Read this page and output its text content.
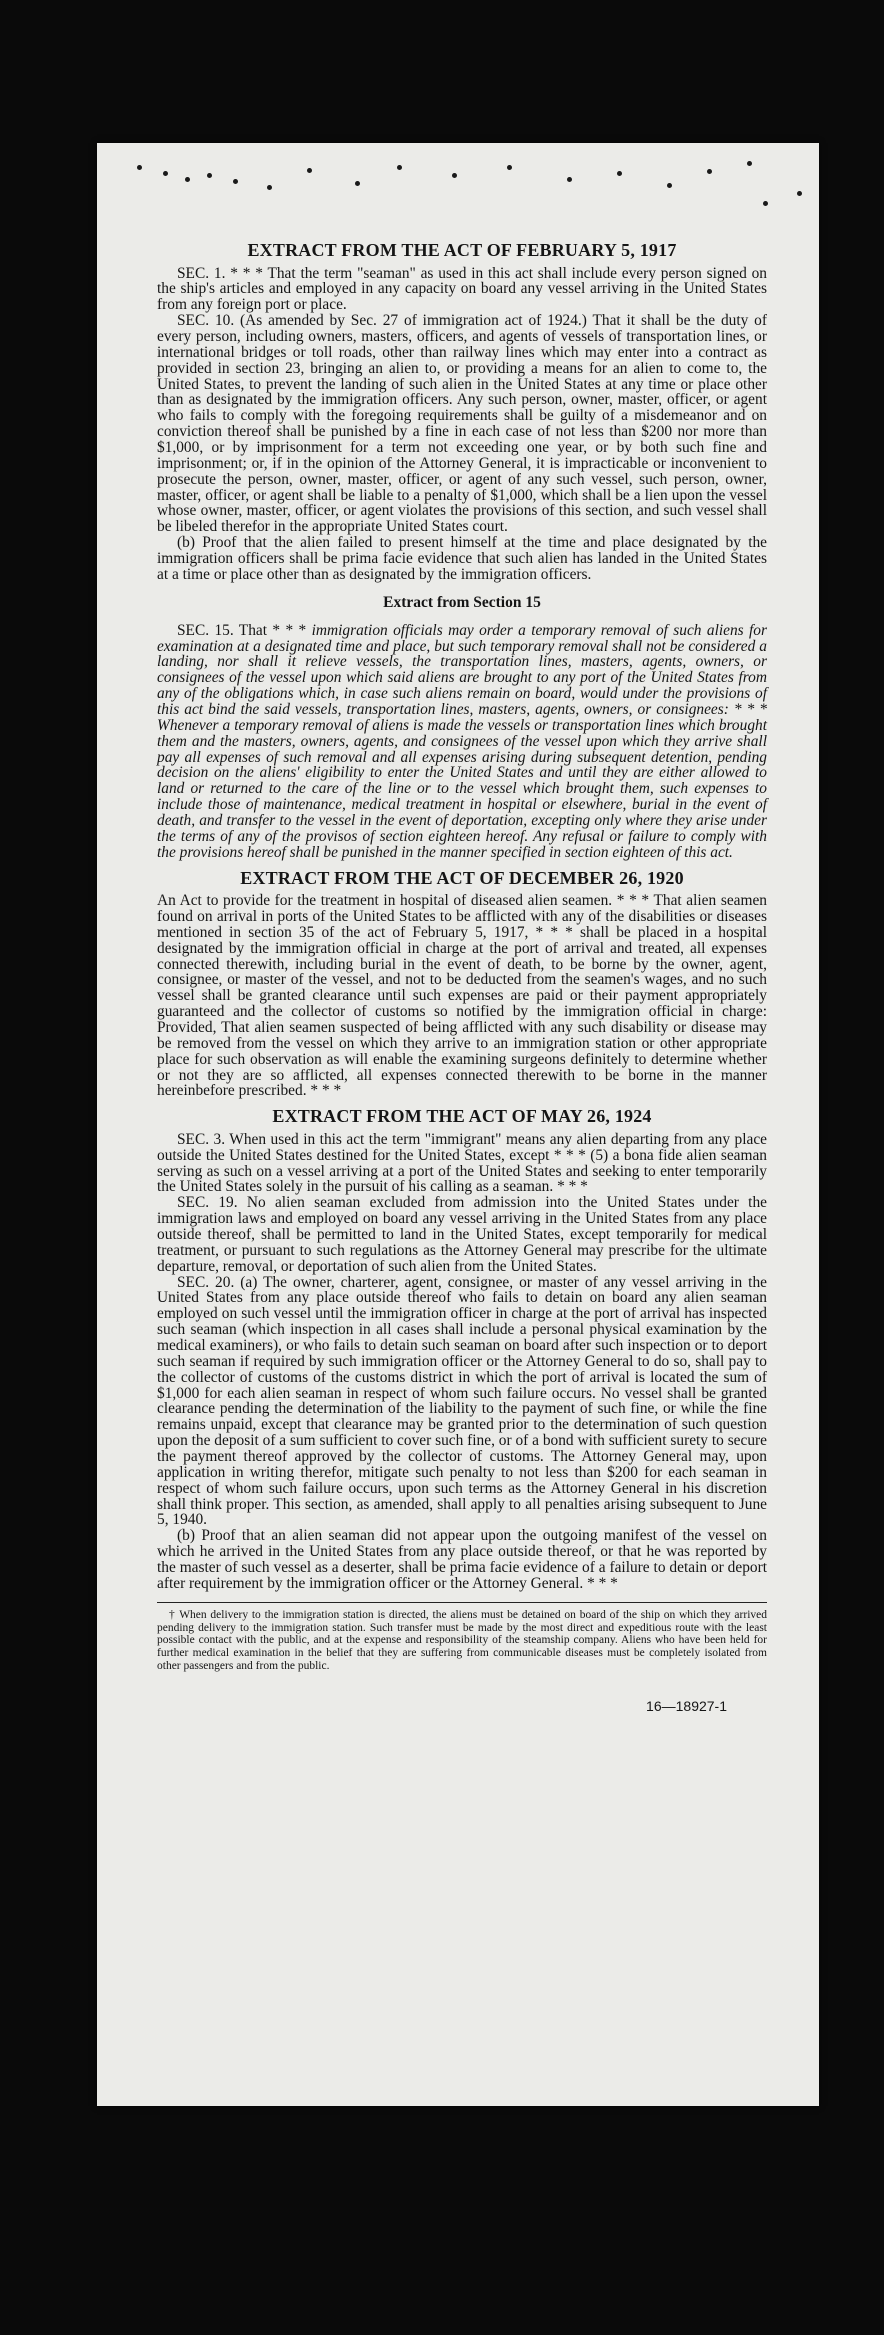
EXTRACT FROM THE ACT OF FEBRUARY 5, 1917

SEC. 1. * * * That the term "seaman" as used in this act shall include every person signed on the ship's articles and employed in any capacity on board any vessel arriving in the United States from any foreign port or place.

SEC. 10. (As amended by Sec. 27 of immigration act of 1924.) That it shall be the duty of every person, including owners, masters, officers, and agents of vessels of transportation lines, or international bridges or toll roads, other than railway lines which may enter into a contract as provided in section 23, bringing an alien to, or providing a means for an alien to come to, the United States, to prevent the landing of such alien in the United States at any time or place other than as designated by the immigration officers. Any such person, owner, master, officer, or agent who fails to comply with the foregoing requirements shall be guilty of a misdemeanor and on conviction thereof shall be punished by a fine in each case of not less than $200 nor more than $1,000, or by imprisonment for a term not exceeding one year, or by both such fine and imprisonment; or, if in the opinion of the Attorney General, it is impracticable or inconvenient to prosecute the person, owner, master, officer, or agent of any such vessel, such person, owner, master, officer, or agent shall be liable to a penalty of $1,000, which shall be a lien upon the vessel whose owner, master, officer, or agent violates the provisions of this section, and such vessel shall be libeled therefor in the appropriate United States court.

(b) Proof that the alien failed to present himself at the time and place designated by the immigration officers shall be prima facie evidence that such alien has landed in the United States at a time or place other than as designated by the immigration officers.

Extract from Section 15

SEC. 15. That * * * immigration officials may order a temporary removal of such aliens for examination at a designated time and place, but such temporary removal shall not be considered a landing, nor shall it relieve vessels, the transportation lines, masters, agents, owners, or consignees of the vessel upon which said aliens are brought to any port of the United States from any of the obligations which, in case such aliens remain on board, would under the provisions of this act bind the said vessels, transportation lines, masters, agents, owners, or consignees: * * * Whenever a temporary removal of aliens is made the vessels or transportation lines which brought them and the masters, owners, agents, and consignees of the vessel upon which they arrive shall pay all expenses of such removal and all expenses arising during subsequent detention, pending decision on the aliens' eligibility to enter the United States and until they are either allowed to land or returned to the care of the line or to the vessel which brought them, such expenses to include those of maintenance, medical treatment in hospital or elsewhere, burial in the event of death, and transfer to the vessel in the event of deportation, excepting only where they arise under the terms of any of the provisos of section eighteen hereof. Any refusal or failure to comply with the provisions hereof shall be punished in the manner specified in section eighteen of this act.

EXTRACT FROM THE ACT OF DECEMBER 26, 1920

An Act to provide for the treatment in hospital of diseased alien seamen. * * * That alien seamen found on arrival in ports of the United States to be afflicted with any of the disabilities or diseases mentioned in section 35 of the act of February 5, 1917, * * * shall be placed in a hospital designated by the immigration official in charge at the port of arrival and treated, all expenses connected therewith, including burial in the event of death, to be borne by the owner, agent, consignee, or master of the vessel, and not to be deducted from the seamen's wages, and no such vessel shall be granted clearance until such expenses are paid or their payment appropriately guaranteed and the collector of customs so notified by the immigration official in charge: Provided, That alien seamen suspected of being afflicted with any such disability or disease may be removed from the vessel on which they arrive to an immigration station or other appropriate place for such observation as will enable the examining surgeons definitely to determine whether or not they are so afflicted, all expenses connected therewith to be borne in the manner hereinbefore prescribed. * * *

EXTRACT FROM THE ACT OF MAY 26, 1924

SEC. 3. When used in this act the term "immigrant" means any alien departing from any place outside the United States destined for the United States, except * * * (5) a bona fide alien seaman serving as such on a vessel arriving at a port of the United States and seeking to enter temporarily the United States solely in the pursuit of his calling as a seaman. * * *

SEC. 19. No alien seaman excluded from admission into the United States under the immigration laws and employed on board any vessel arriving in the United States from any place outside thereof, shall be permitted to land in the United States, except temporarily for medical treatment, or pursuant to such regulations as the Attorney General may prescribe for the ultimate departure, removal, or deportation of such alien from the United States.

SEC. 20. (a) The owner, charterer, agent, consignee, or master of any vessel arriving in the United States from any place outside thereof who fails to detain on board any alien seaman employed on such vessel until the immigration officer in charge at the port of arrival has inspected such seaman (which inspection in all cases shall include a personal physical examination by the medical examiners), or who fails to detain such seaman on board after such inspection or to deport such seaman if required by such immigration officer or the Attorney General to do so, shall pay to the collector of customs of the customs district in which the port of arrival is located the sum of $1,000 for each alien seaman in respect of whom such failure occurs. No vessel shall be granted clearance pending the determination of the liability to the payment of such fine, or while the fine remains unpaid, except that clearance may be granted prior to the determination of such question upon the deposit of a sum sufficient to cover such fine, or of a bond with sufficient surety to secure the payment thereof approved by the collector of customs. The Attorney General may, upon application in writing therefor, mitigate such penalty to not less than $200 for each seaman in respect of whom such failure occurs, upon such terms as the Attorney General in his discretion shall think proper. This section, as amended, shall apply to all penalties arising subsequent to June 5, 1940.

(b) Proof that an alien seaman did not appear upon the outgoing manifest of the vessel on which he arrived in the United States from any place outside thereof, or that he was reported by the master of such vessel as a deserter, shall be prima facie evidence of a failure to detain or deport after requirement by the immigration officer or the Attorney General. * * *

† When delivery to the immigration station is directed, the aliens must be detained on board of the ship on which they arrived pending delivery to the immigration station. Such transfer must be made by the most direct and expeditious route with the least possible contact with the public, and at the expense and responsibility of the steamship company. Aliens who have been held for further medical examination in the belief that they are suffering from communicable diseases must be completely isolated from other passengers and from the public.

16—18927-1
